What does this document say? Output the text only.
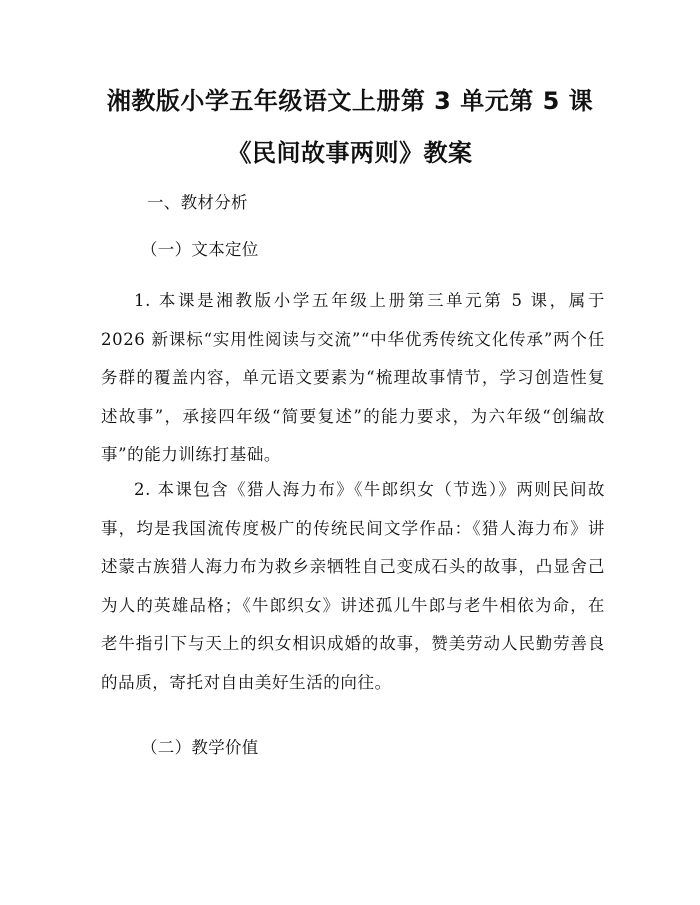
湘教版小学五年级语文上册第 3 单元第 5 课
《民间故事两则》教案
一、教材分析
（一）文本定位

1. 本课是湘教版小学五年级上册第三单元第 5 课，属于 2026 新课标“实用性阅读与交流”“中华优秀传统文化传承”两个任务群的覆盖内容，单元语文要素为“梳理故事情节，学习创造性复述故事”，承接四年级“简要复述”的能力要求，为六年级“创编故事”的能力训练打基础。

2. 本课包含《猎人海力布》《牛郎织女（节选）》两则民间故事，均是我国流传度极广的传统民间文学作品：《猎人海力布》讲述蒙古族猎人海力布为救乡亲牺牲自己变成石头的故事，凸显舍己为人的英雄品格；《牛郎织女》讲述孤儿牛郎与老牛相依为命，在老牛指引下与天上的织女相识成婚的故事，赞美劳动人民勤劳善良的品质，寄托对自由美好生活的向往。

（二）教学价值
